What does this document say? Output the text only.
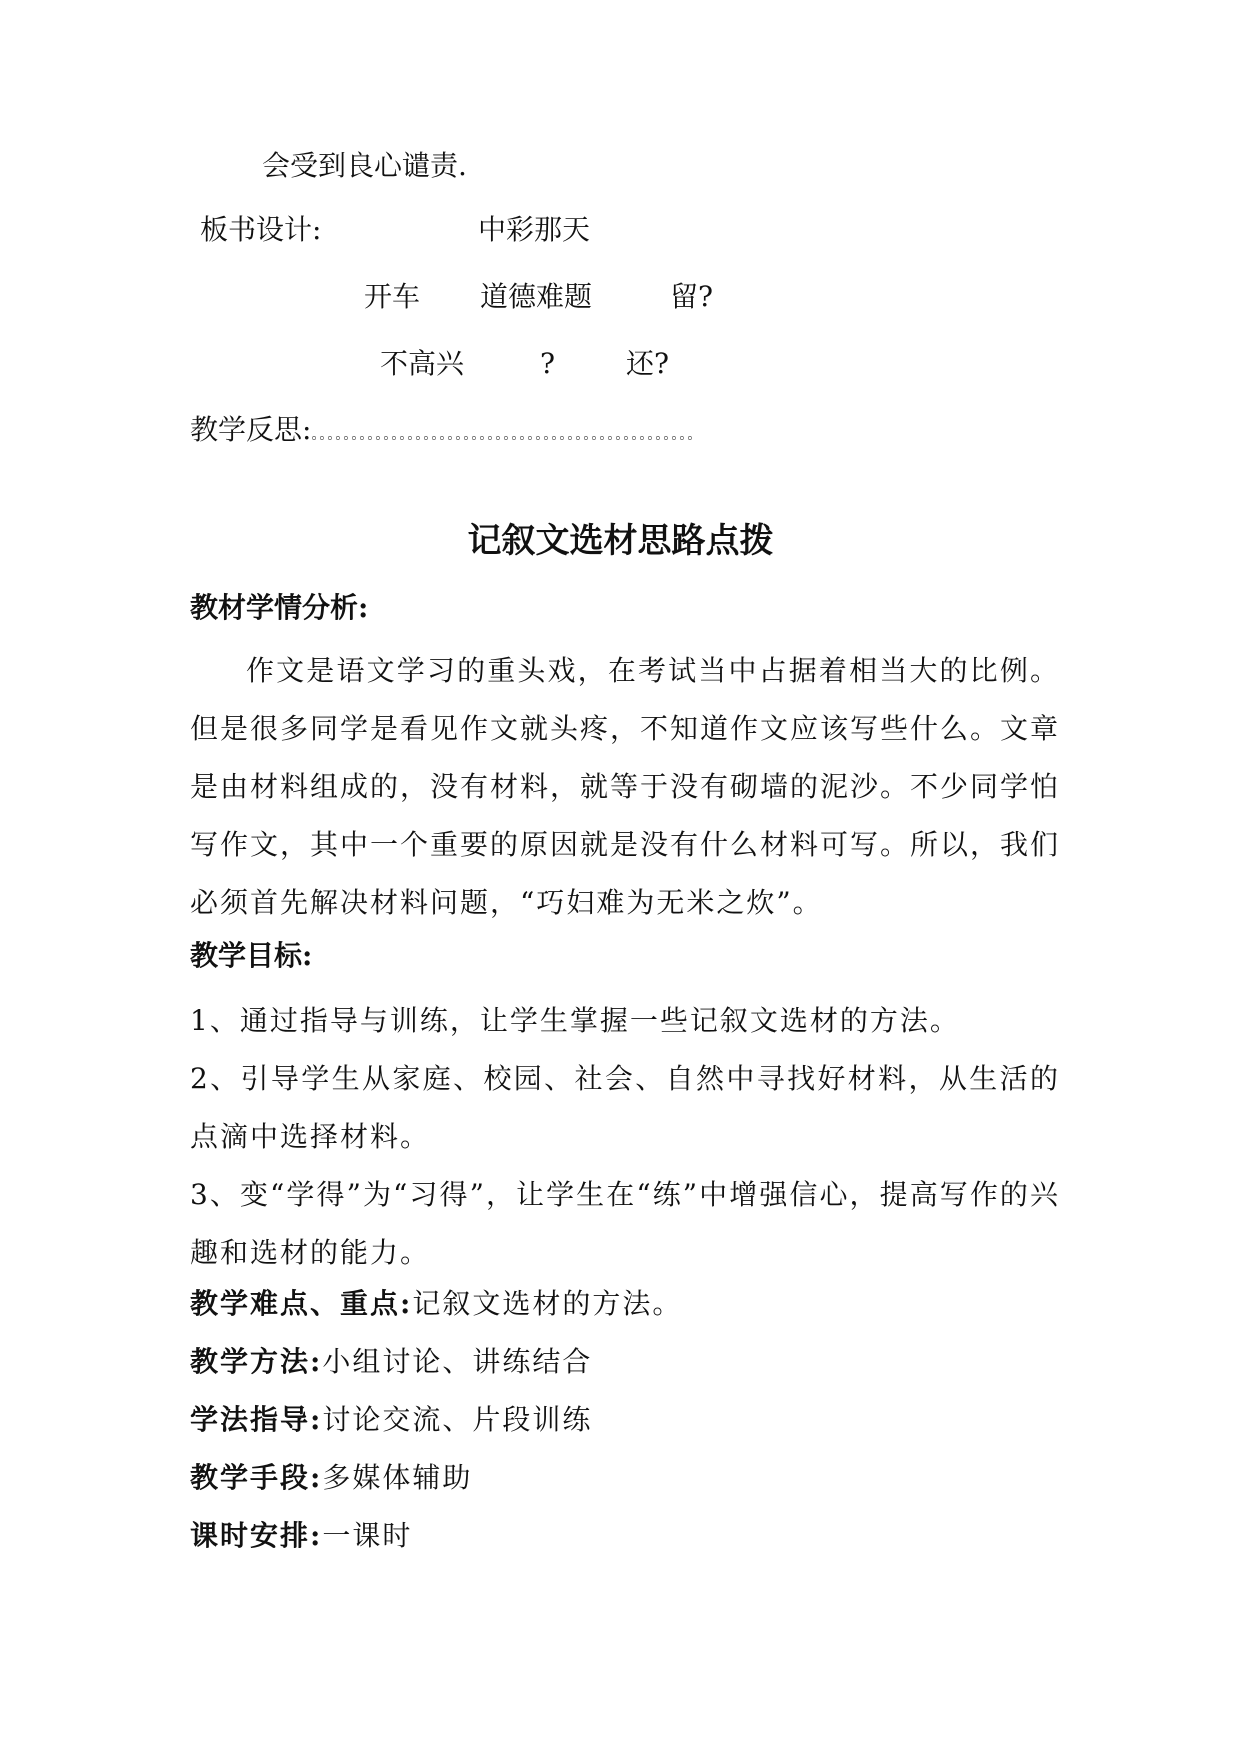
会受到良心谴责.
板书设计:	中彩那天
开车 道德难题	留?
不高兴	?	还?
教学反思:。。。。。。。。。。。。。。。。。。。。。。。。。。。。。。。。。。。。。。。。。。。。。。。。
记叙文选材思路点拨
教材学情分析:
作文是语文学习的重头戏，在考试当中占据着相当大的比例。但是很多同学是看见作文就头疼，不知道作文应该写些什么。文章是由材料组成的，没有材料，就等于没有砌墙的泥沙。不少同学怕写作文，其中一个重要的原因就是没有什么材料可写。所以，我们必须首先解决材料问题，“巧妇难为无米之炊”。
教学目标:
1、通过指导与训练，让学生掌握一些记叙文选材的方法。
2、引导学生从家庭、校园、社会、自然中寻找好材料，从生活的点滴中选择材料。
3、变“学得”为“习得”，让学生在“练”中增强信心，提高写作的兴趣和选材的能力。
教学难点、重点:记叙文选材的方法。
教学方法:小组讨论、讲练结合
学法指导:讨论交流、片段训练
教学手段:多媒体辅助
课时安排:一课时
